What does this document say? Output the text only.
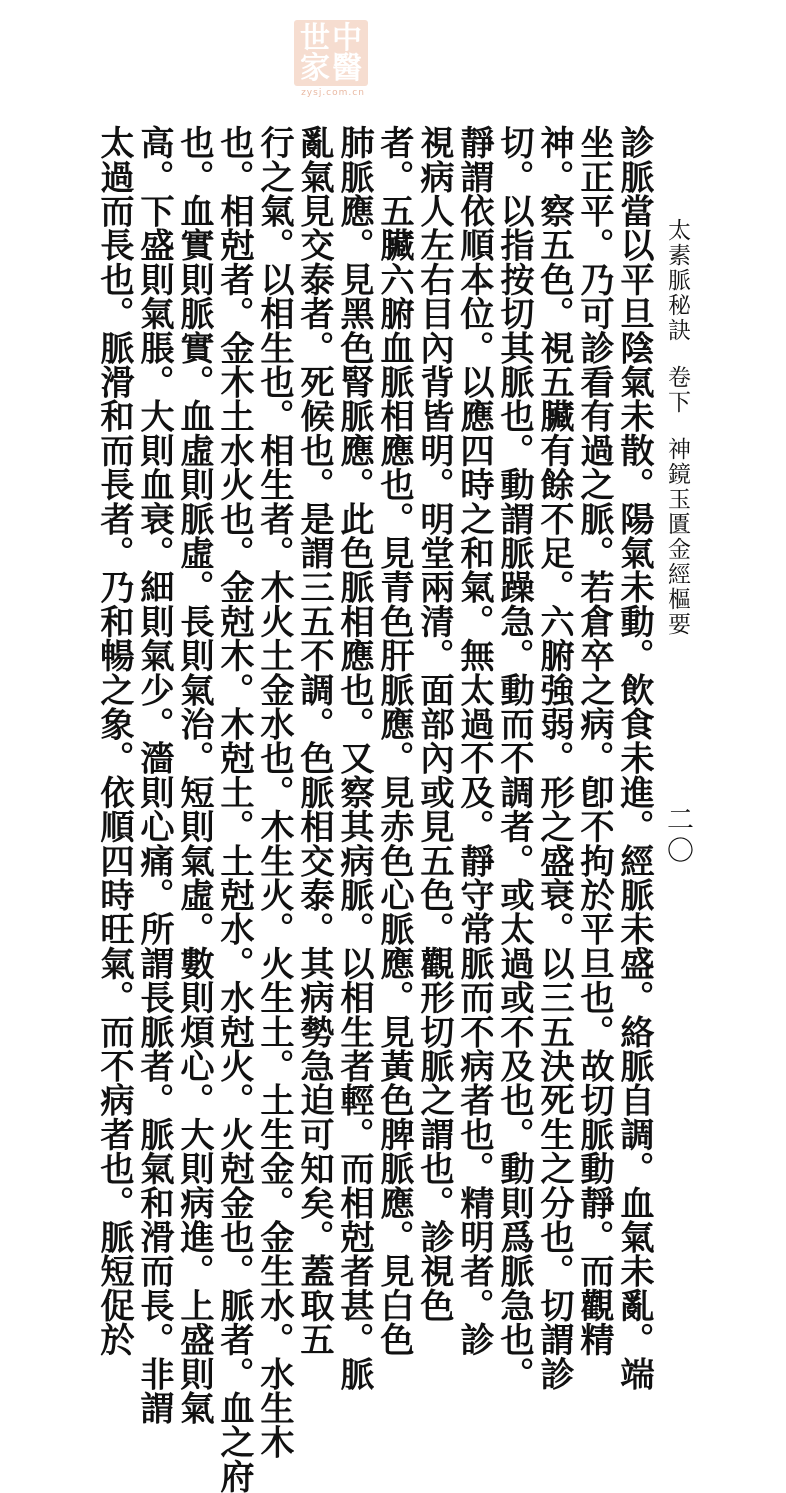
世 中
家 醫
zysj.com.cn
太素脈秘訣卷下神鏡玉匱金經樞要
二〇
診脈當以平旦陰氣未散。陽氣未動。飲食未進。經脈未盛。絡脈自調。血氣未亂。端
坐正平。乃可診看有過之脈。若倉卒之病。卽不拘於平旦也。故切脈動靜。而觀精
神。察五色。視五臟有餘不足。六腑強弱。形之盛衰。以三五決死生之分也。切謂診
切。以指按切其脈也。動謂脈躁急。動而不調者。或太過或不及也。動則爲脈急也。
靜謂依順本位。以應四時之和氣。無太過不及。靜守常脈而不病者也。精明者。診
視病人左右目內背皆明。明堂兩清。面部內或見五色。觀形切脈之謂也。診視色
者。五臟六腑血脈相應也。見青色肝脈應。見赤色心脈應。見黃色脾脈應。見白色
肺脈應。見黑色腎脈應。此色脈相應也。又察其病脈。以相生者輕。而相尅者甚。脈
亂氣見交泰者。死候也。是謂三五不調。色脈相交泰。其病勢急迫可知矣。蓋取五
行之氣。以相生也。相生者。木火土金水也。木生火。火生土。土生金。金生水。水生木
也。相尅者。金木土水火也。金尅木。木尅土。土尅水。水尅火。火尅金也。脈者。血之府
也。血實則脈實。血虛則脈虛。長則氣治。短則氣虛。數則煩心。大則病進。上盛則氣
高。下盛則氣脹。大則血衰。細則氣少。濇則心痛。所謂長脈者。脈氣和滑而長。非謂
太過而長也。脈滑和而長者。乃和暢之象。依順四時旺氣。而不病者也。脈短促於
